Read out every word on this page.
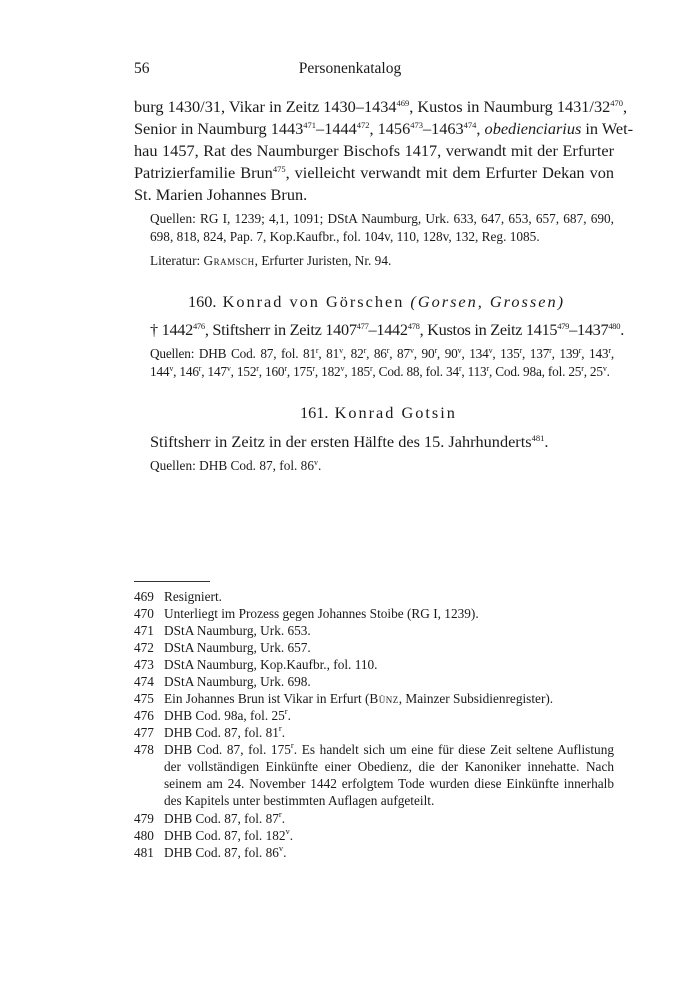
56	Personenkatalog
burg 1430/31, Vikar in Zeitz 1430–1434$^{469}$, Kustos in Naumburg $1431/32^{470}$,
Senior in Naumburg 1443$^{471}$–1444$^{472}$, 1456$^{473}$–1463$^{474}$, obedienciarius in Wet-
hau 1457, Rat des Naumburger Bischofs 1417, verwandt mit der Erfurter
Patrizierfamilie Brun$^{475}$, vielleicht verwandt mit dem Erfurter Dekan von
St. Marien Johannes Brun.
Quellen: RG I, 1239; 4,1, 1091; DStA Naumburg, Urk. 633, 647, 653, 657, 687, 690,
698, 818, 824, Pap. 7, Kop.Kaufbr., fol. 104v, 110, 128v, 132, Reg. 1085.
Literatur: Gramsch, Erfurter Juristen, Nr. 94.
160. Konrad von Görschen (Gorsen, Grossen)
† 1442$^{476}$, Stiftsherr in Zeitz 1407$^{477}$–1442$^{478}$, Kustos in Zeitz 1415$^{479}$–1437$^{480}$.
Quellen: DHB Cod. 87, fol. 81$^r$, 81$^v$, 82$^r$, 86$^r$, 87$^v$, 90$^r$, 90$^v$, 134$^v$, 135$^r$, 137$^r$, 139$^r$, 143$^r$,
144$^v$, 146$^r$, 147$^v$, 152$^r$, 160$^r$, 175$^r$, 182$^v$, 185$^r$, Cod. 88, fol. 34$^r$, 113$^r$, Cod. 98a, fol. 25$^r$, 25$^v$.
161. Konrad Gotsin
Stiftsherr in Zeitz in der ersten Hälfte des 15. Jahrhunderts$^{481}$.
Quellen: DHB Cod. 87, fol. 86$^v$.
469 Resigniert.
470 Unterliegt im Prozess gegen Johannes Stoibe (RG I, 1239).
471 DStA Naumburg, Urk. 653.
472 DStA Naumburg, Urk. 657.
473 DStA Naumburg, Kop.Kaufbr., fol. 110.
474 DStA Naumburg, Urk. 698.
475 Ein Johannes Brun ist Vikar in Erfurt (Bünz, Mainzer Subsidienregister).
476 DHB Cod. 98a, fol. 25$^r$.
477 DHB Cod. 87, fol. 81$^r$.
478 DHB Cod. 87, fol. 175$^r$. Es handelt sich um eine für diese Zeit seltene Auflistung
der vollständigen Einkünfte einer Obedienz, die der Kanoniker innehatte. Nach
seinem am 24. November 1442 erfolgtem Tode wurden diese Einkünfte innerhalb
des Kapitels unter bestimmten Auflagen aufgeteilt.
479 DHB Cod. 87, fol. 87$^r$.
480 DHB Cod. 87, fol. 182$^v$.
481 DHB Cod. 87, fol. 86$^v$.
